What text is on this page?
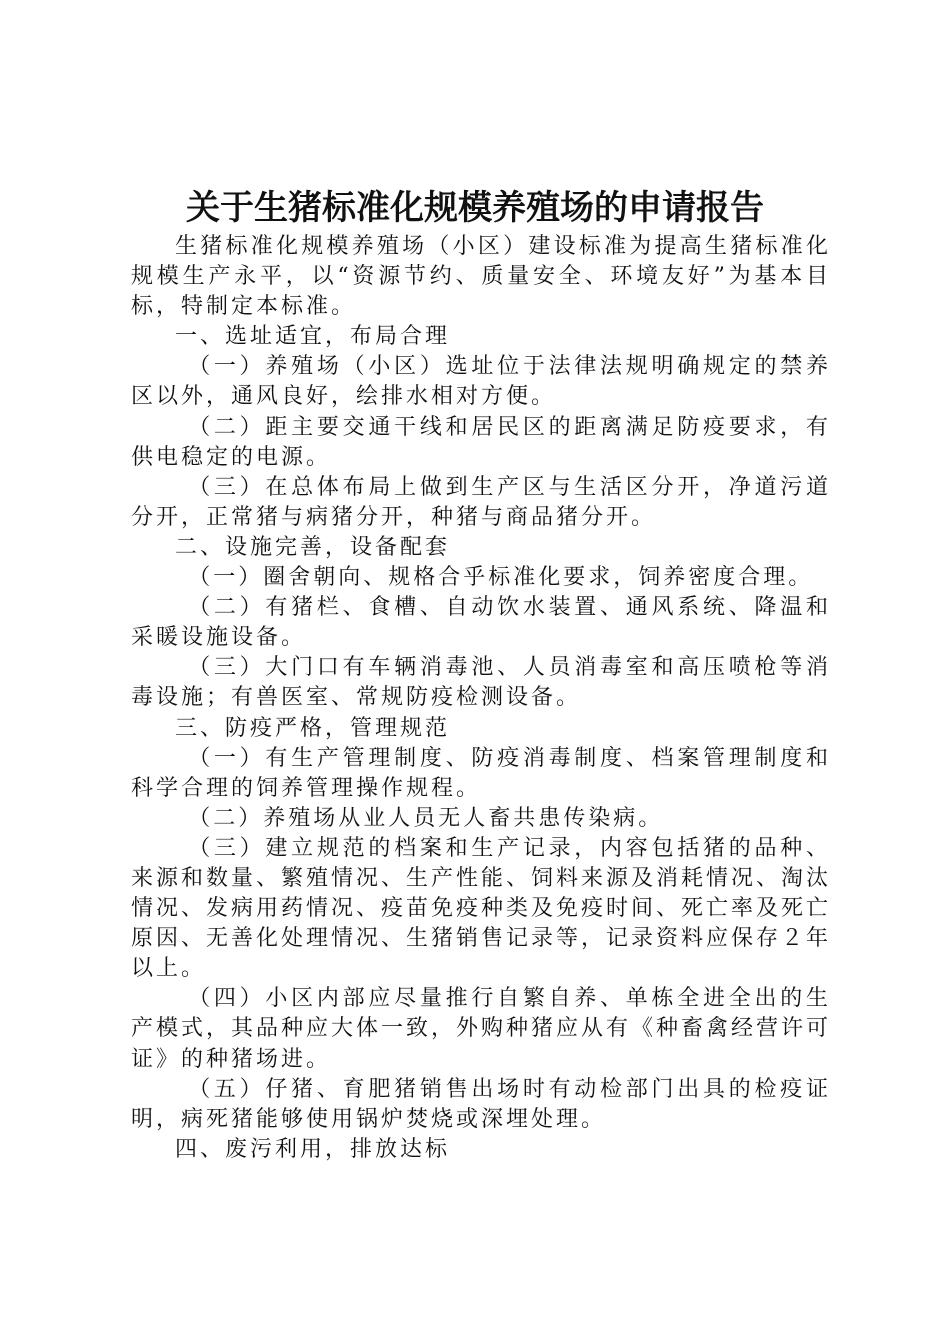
关于生猪标准化规模养殖场的申请报告

生猪标准化规模养殖场（小区）建设标准为提高生猪标准化规模生产永平，以“资源节约、质量安全、环境友好”为基本目标，特制定本标准。

一、选址适宜，布局合理

（一）养殖场（小区）选址位于法律法规明确规定的禁养区以外，通风良好，绘排水相对方便。

（二）距主要交通干线和居民区的距离满足防疫要求，有供电稳定的电源。

（三）在总体布局上做到生产区与生活区分开，净道污道分开，正常猪与病猪分开，种猪与商品猪分开。

二、设施完善，设备配套

（一）圈舍朝向、规格合乎标准化要求，饲养密度合理。

（二）有猪栏、食槽、自动饮水装置、通风系统、降温和采暖设施设备。

（三）大门口有车辆消毒池、人员消毒室和高压喷枪等消毒设施；有兽医室、常规防疫检测设备。

三、防疫严格，管理规范

（一）有生产管理制度、防疫消毒制度、档案管理制度和科学合理的饲养管理操作规程。

（二）养殖场从业人员无人畜共患传染病。

（三）建立规范的档案和生产记录，内容包括猪的品种、来源和数量、繁殖情况、生产性能、饲料来源及消耗情况、淘汰情况、发病用药情况、疫苗免疫种类及免疫时间、死亡率及死亡原因、无善化处理情况、生猪销售记录等，记录资料应保存２年以上。

（四）小区内部应尽量推行自繁自养、单栋全进全出的生产模式，其品种应大体一致，外购种猪应从有《种畜禽经营许可证》的种猪场进。

（五）仔猪、育肥猪销售出场时有动检部门出具的检疫证明，病死猪能够使用锅炉焚烧或深埋处理。

四、废污利用，排放达标
